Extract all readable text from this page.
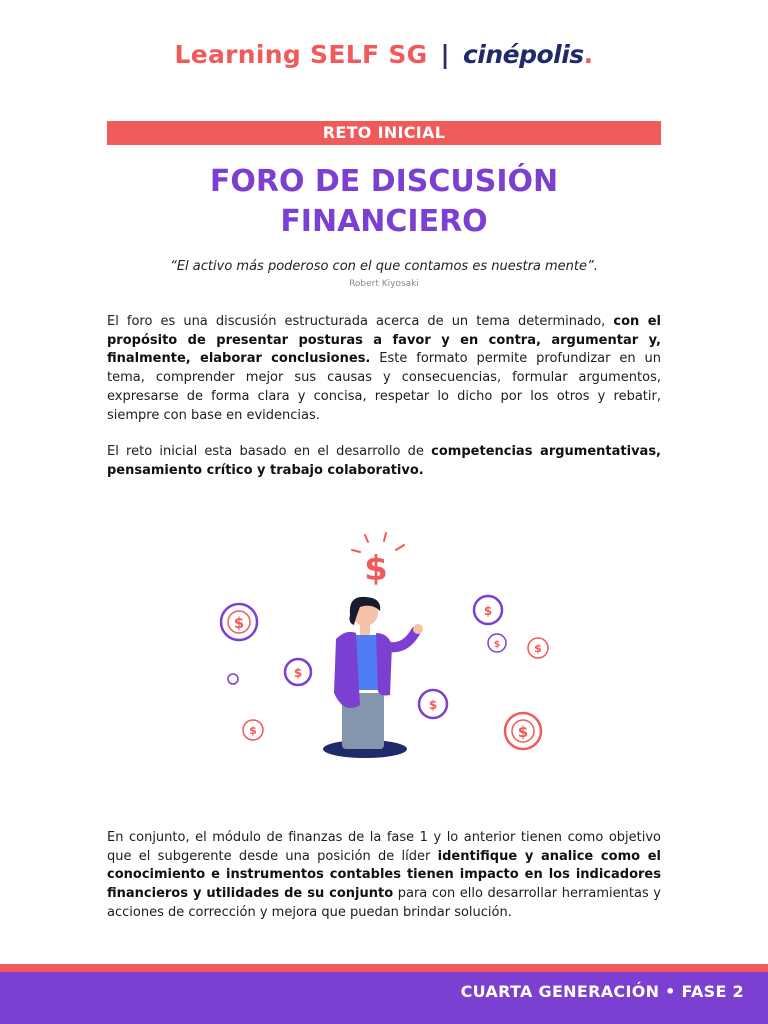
Learning SELF SG | cinépolis.
RETO INICIAL
FORO DE DISCUSIÓN
FINANCIERO
“El activo más poderoso con el que contamos es nuestra mente”.
Robert Kiyosaki
El foro es una discusión estructurada acerca de un tema determinado, con el propósito de presentar posturas a favor y en contra, argumentar y, finalmente, elaborar conclusiones. Este formato permite profundizar en un tema, comprender mejor sus causas y consecuencias, formular argumentos, expresarse de forma clara y concisa, respetar lo dicho por los otros y rebatir, siempre con base en evidencias.
El reto inicial esta basado en el desarrollo de competencias argumentativas, pensamiento crítico y trabajo colaborativo.
$
$
$
$
$
$	$
$
$
En conjunto, el módulo de finanzas de la fase 1 y lo anterior tienen como objetivo que el subgerente desde una posición de líder identifique y analice como el conocimiento e instrumentos contables tienen impacto en los indicadores financieros y utilidades de su conjunto para con ello desarrollar herramientas y acciones de corrección y mejora que puedan brindar solución.
CUARTA GENERACIÓN • FASE 2
